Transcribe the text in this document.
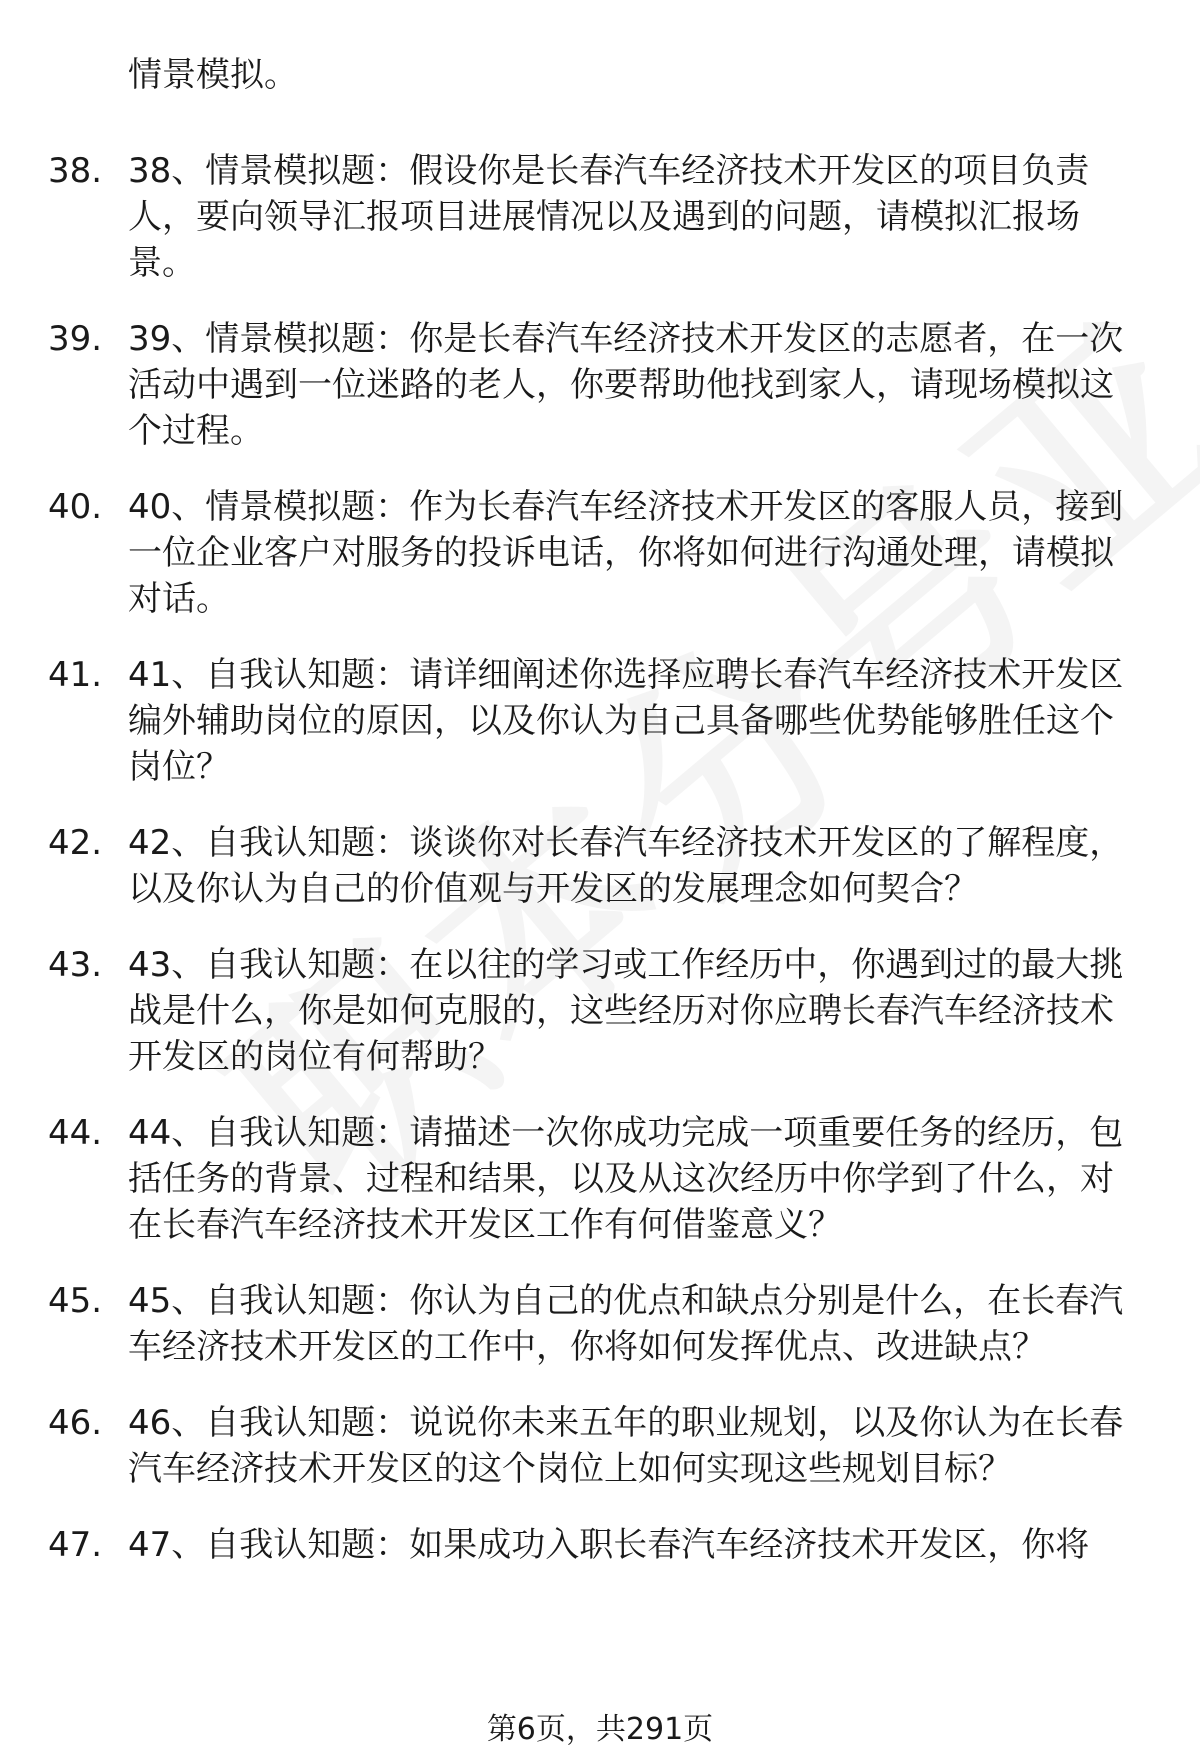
情景模拟。
38. 38、情景模拟题：假设你是长春汽车经济技术开发区的项目负责人，要向领导汇报项目进展情况以及遇到的问题，请模拟汇报场景。
39. 39、情景模拟题：你是长春汽车经济技术开发区的志愿者，在一次活动中遇到一位迷路的老人，你要帮助他找到家人，请现场模拟这个过程。
40. 40、情景模拟题：作为长春汽车经济技术开发区的客服人员，接到一位企业客户对服务的投诉电话，你将如何进行沟通处理，请模拟对话。
41. 41、自我认知题：请详细阐述你选择应聘长春汽车经济技术开发区编外辅助岗位的原因，以及你认为自己具备哪些优势能够胜任这个岗位？
42. 42、自我认知题：谈谈你对长春汽车经济技术开发区的了解程度，以及你认为自己的价值观与开发区的发展理念如何契合？
43. 43、自我认知题：在以往的学习或工作经历中，你遇到过的最大挑战是什么，你是如何克服的，这些经历对你应聘长春汽车经济技术开发区的岗位有何帮助？
44. 44、自我认知题：请描述一次你成功完成一项重要任务的经历，包括任务的背景、过程和结果，以及从这次经历中你学到了什么，对在长春汽车经济技术开发区工作有何借鉴意义？
45. 45、自我认知题：你认为自己的优点和缺点分别是什么，在长春汽车经济技术开发区的工作中，你将如何发挥优点、改进缺点？
46. 46、自我认知题：说说你未来五年的职业规划，以及你认为在长春汽车经济技术开发区的这个岗位上如何实现这些规划目标？
47. 47、自我认知题：如果成功入职长春汽车经济技术开发区，你将
第6页，共291页
